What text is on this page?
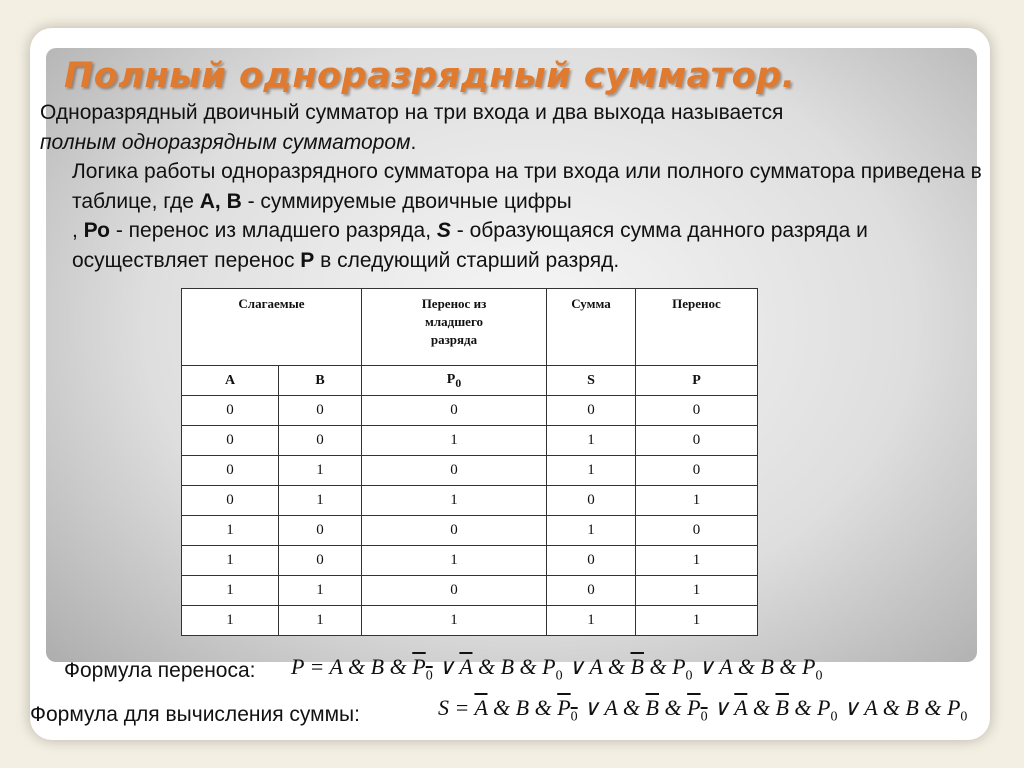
Полный одноразрядный сумматор.

Одноразрядный двоичный сумматор на три входа и два выхода называется
полным одноразрядным сумматором.

Логика работы одноразрядного сумматора на три входа или полного сумматора приведена в таблице, где А, В - суммируемые двоичные цифры
, Ро - перенос из младшего разряда, S - образующаяся сумма данного разряда и осуществляет перенос Р в следующий старший разряд.

Слагаемые		Перенос из
младшего
разряда	Сумма	Перенос
А	В	$P_0$	S	P
0	0	0	0	0
0	0	1	1	0
0	1	0	1	0
0	1	1	0	1
1	0	0	1	0
1	0	1	0	1
1	1	0	0	1
1	1	1	1	1
Формула переноса: P = A & B & $P_0$ ∨ $\overline{A}$ & B & $P_0$ ∨ A & $\overline{B}$ & $P_0$ ∨ A & B & $P_0$
Формула для вычисления суммы:	$S = \overline{A}$ & B & $P_0$ ∨ A & $\overline{B}$ & $P_0$ ∨ $\overline{A}$ & $\overline{B}$ & $P_0$ ∨ A & B & $P_0$
